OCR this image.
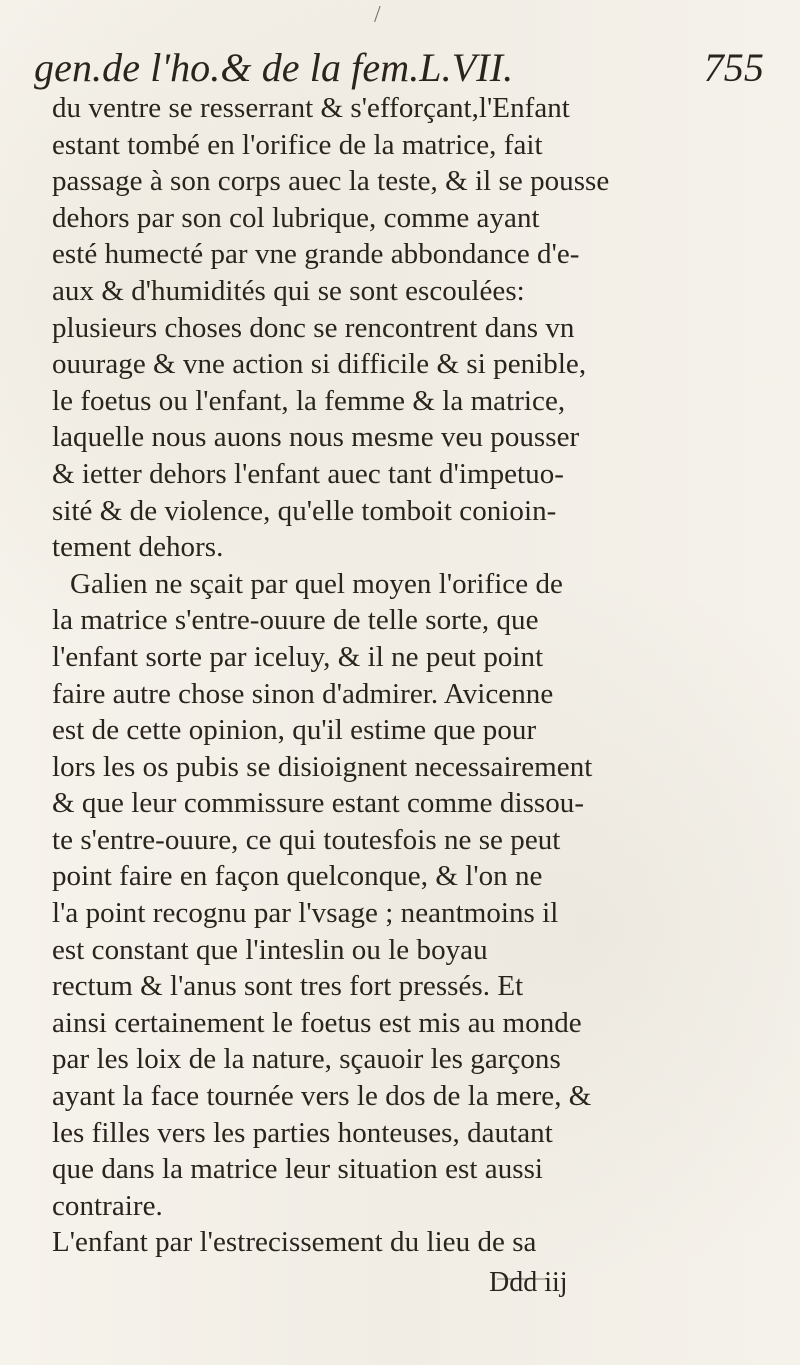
/
gen.de l'ho.& de la fem.L.VII.	755
du ventre se resserrant & s'efforçant,l'Enfant
estant tombé en l'orifice de la matrice, fait
passage à son corps auec la teste, & il se pousse
dehors par son col lubrique, comme ayant
esté humecté par vne grande abbondance d'e-
aux & d'humidités qui se sont escoulées:
plusieurs choses donc se rencontrent dans vn
ouurage & vne action si difficile & si penible,
le foetus ou l'enfant, la femme & la matrice,
laquelle nous auons nous mesme veu pousser
& ietter dehors l'enfant auec tant d'impetuo-
sité & de violence, qu'elle tomboit conioin-
tement dehors.
Galien ne sçait par quel moyen l'orifice de
la matrice s'entre-ouure de telle sorte, que
l'enfant sorte par iceluy, & il ne peut point
faire autre chose sinon d'admirer. Avicenne
est de cette opinion, qu'il estime que pour
lors les os pubis se disioignent necessairement
& que leur commissure estant comme dissou-
te s'entre-ouure, ce qui toutesfois ne se peut
point faire en façon quelconque, & l'on ne
l'a point recognu par l'vsage ; neantmoins il
est constant que l'inteslin ou le boyau
rectum & l'anus sont tres fort pressés. Et
ainsi certainement le foetus est mis au monde
par les loix de la nature, sçauoir les garçons
ayant la face tournée vers le dos de la mere, &
les filles vers les parties honteuses, dautant
que dans la matrice leur situation est aussi
contraire.
L'enfant par l'estrecissement du lieu de sa
Ddd iij
